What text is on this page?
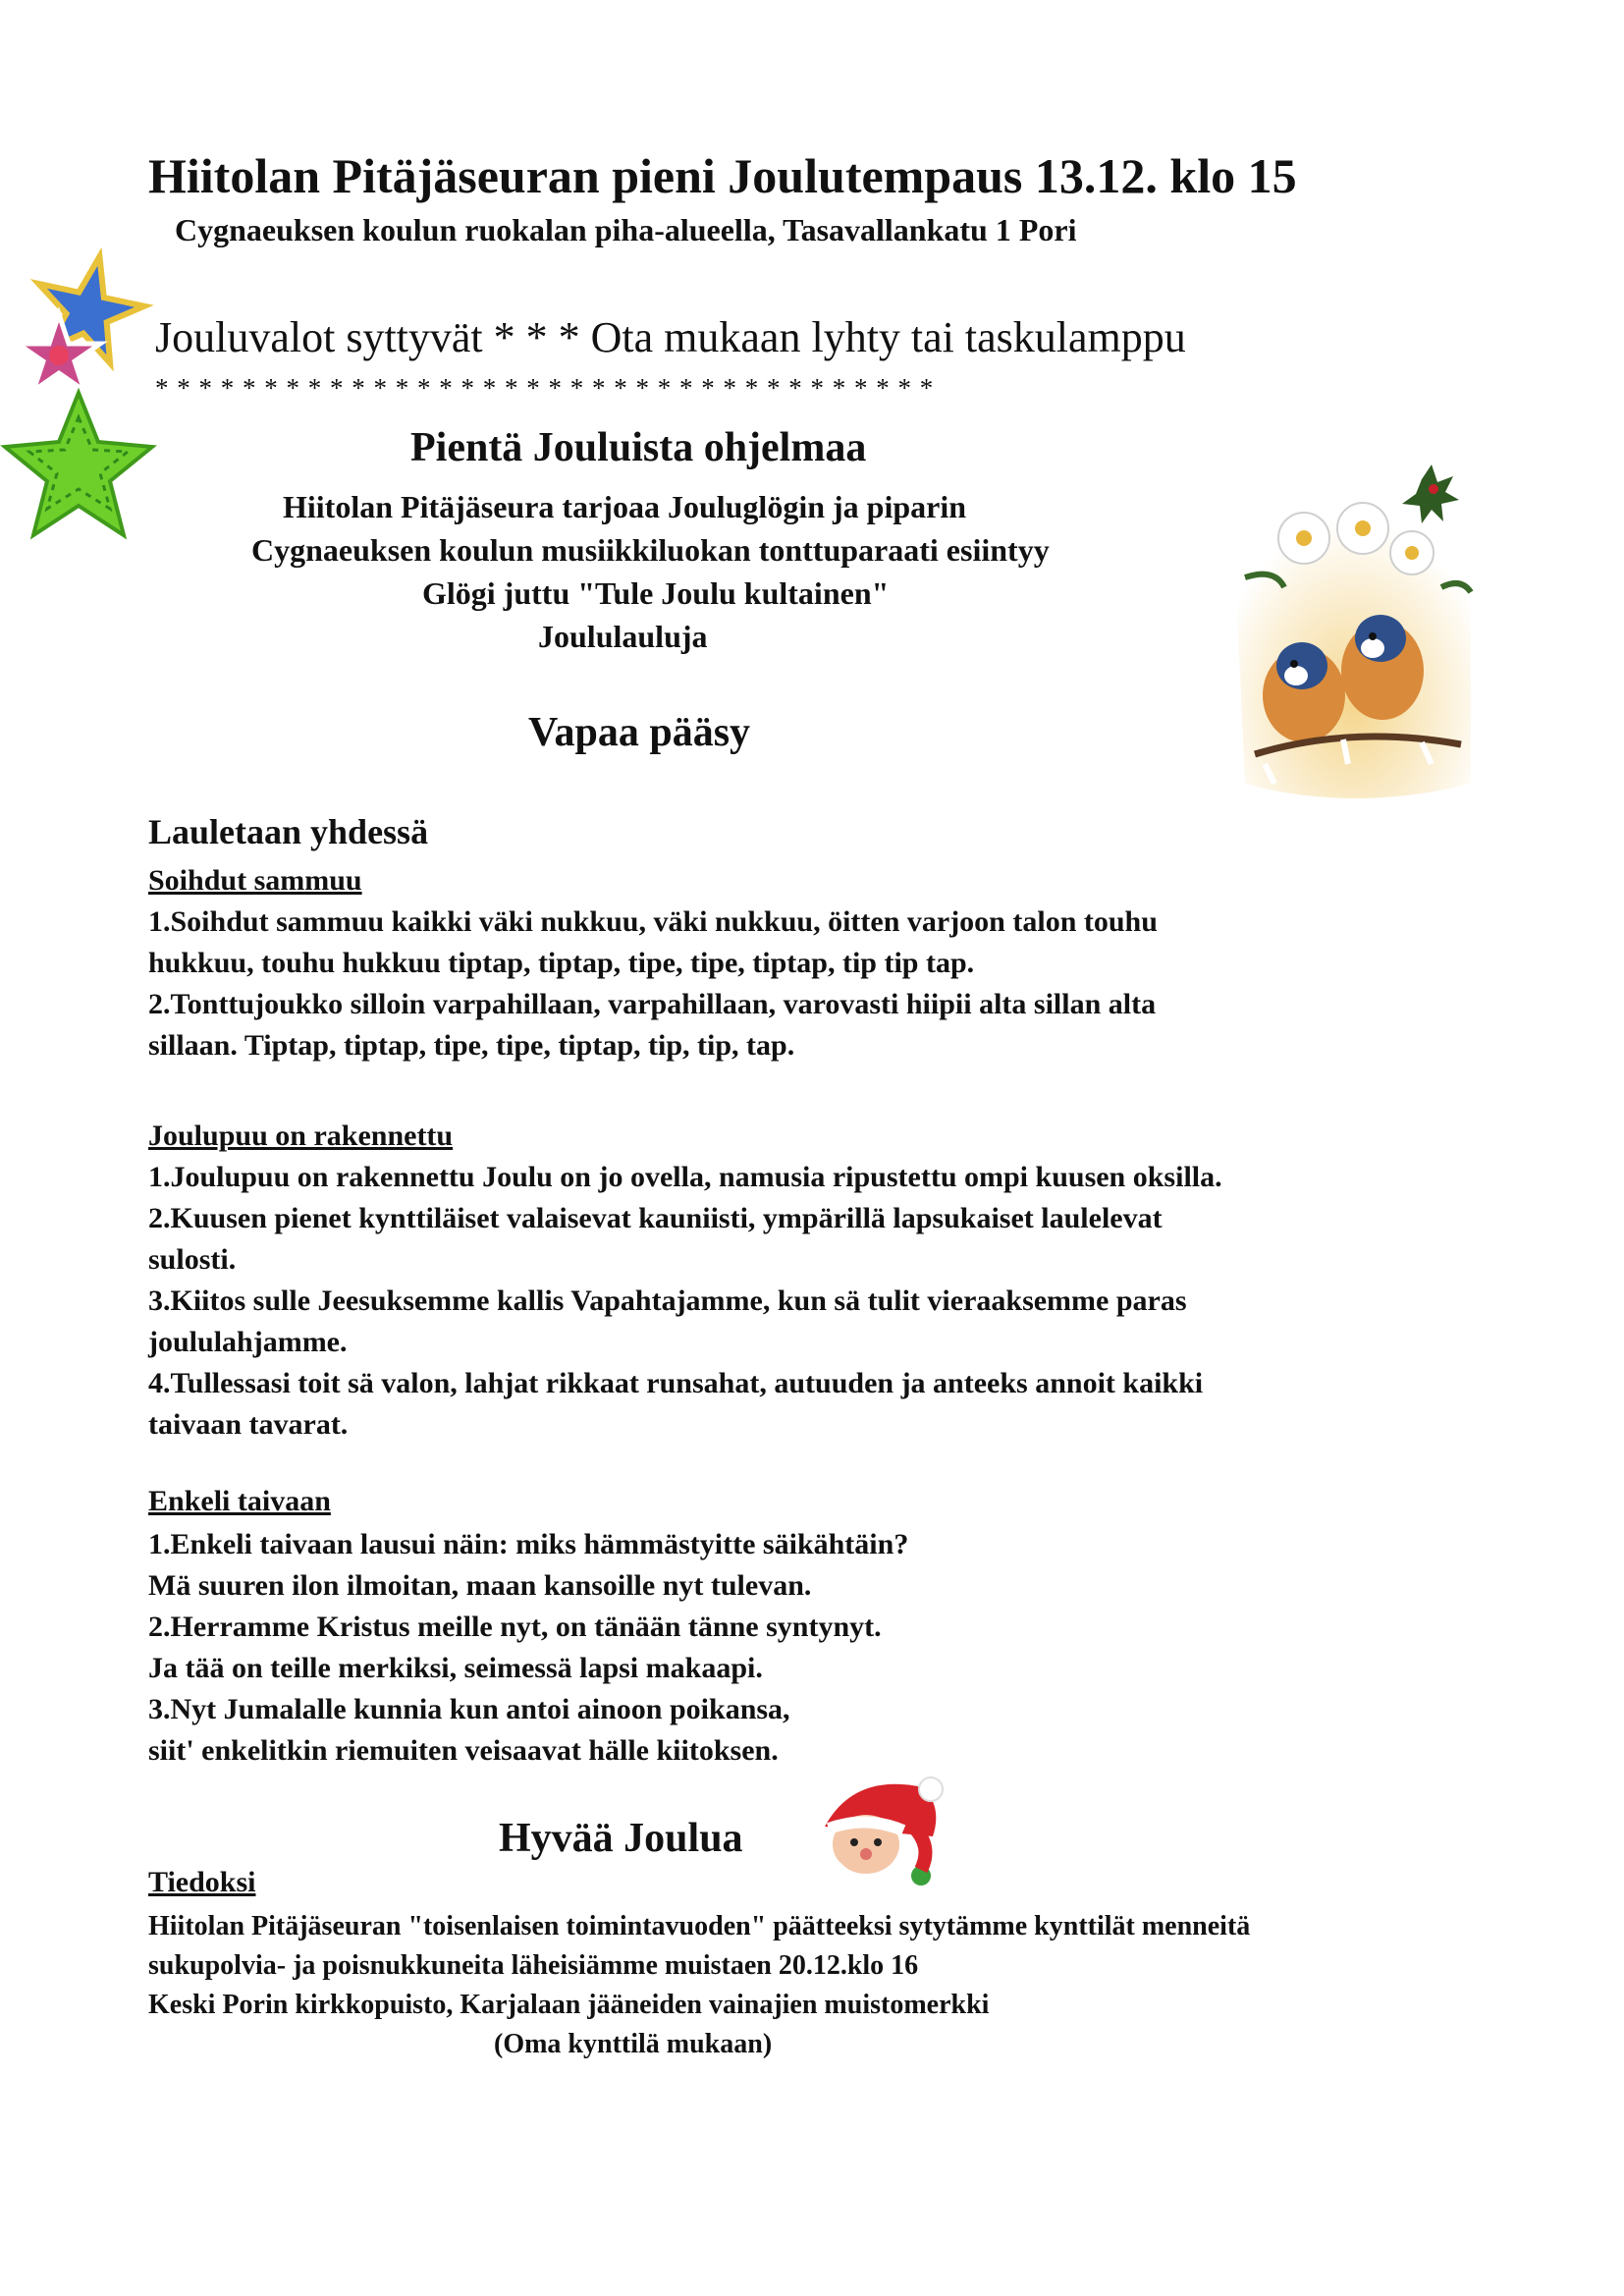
Hiitolan Pitäjäseuran pieni Joulutempaus 13.12. klo 15

Cygnaeuksen koulun ruokalan piha-alueella, Tasavallankatu 1 Pori

Jouluvalot syttyvät * * * Ota mukaan lyhty tai taskulamppu

* * * * * * * * * * * * * * * * * * * * * * * * * * * * * * * * * * * *

Pientä Jouluista ohjelmaa

Hiitolan Pitäjäseura tarjoaa Jouluglögin ja piparin

Cygnaeuksen koulun musiikkiluokan tonttuparaati esiintyy

Glögi juttu "Tule Joulu kultainen"

Joululauluja

Vapaa pääsy

Lauletaan yhdessä

Soihdut sammuu

1.Soihdut sammuu kaikki väki nukkuu, väki nukkuu, öitten varjoon talon touhu

hukkuu, touhu hukkuu tiptap, tiptap, tipe, tipe, tiptap, tip tip tap.

2.Tonttujoukko silloin varpahillaan, varpahillaan, varovasti hiipii alta sillan alta

sillaan. Tiptap, tiptap, tipe, tipe, tiptap, tip, tip, tap.

Joulupuu on rakennettu

1.Joulupuu on rakennettu Joulu on jo ovella, namusia ripustettu ompi kuusen oksilla.

2.Kuusen pienet kynttiläiset valaisevat kauniisti, ympärillä lapsukaiset laulelevat

sulosti.

3.Kiitos sulle Jeesuksemme kallis Vapahtajamme, kun sä tulit vieraaksemme paras

joululahjamme.

4.Tullessasi toit sä valon, lahjat rikkaat runsahat, autuuden ja anteeks annoit kaikki

taivaan tavarat.

Enkeli taivaan

1.Enkeli taivaan lausui näin: miks hämmästyitte säikähtäin?

Mä suuren ilon ilmoitan, maan kansoille nyt tulevan.

2.Herramme Kristus meille nyt, on tänään tänne syntynyt.

Ja tää on teille merkiksi, seimessä lapsi makaapi.

3.Nyt Jumalalle kunnia kun antoi ainoon poikansa,

siit' enkelitkin riemuiten veisaavat hälle kiitoksen.

Hyvää Joulua

Tiedoksi

Hiitolan Pitäjäseuran "toisenlaisen toimintavuoden" päätteeksi sytytämme kynttilät menneitä

sukupolvia- ja poisnukkuneita läheisiämme muistaen 20.12.klo 16

Keski Porin kirkkopuisto, Karjalaan jääneiden vainajien muistomerkki

(Oma kynttilä mukaan)
